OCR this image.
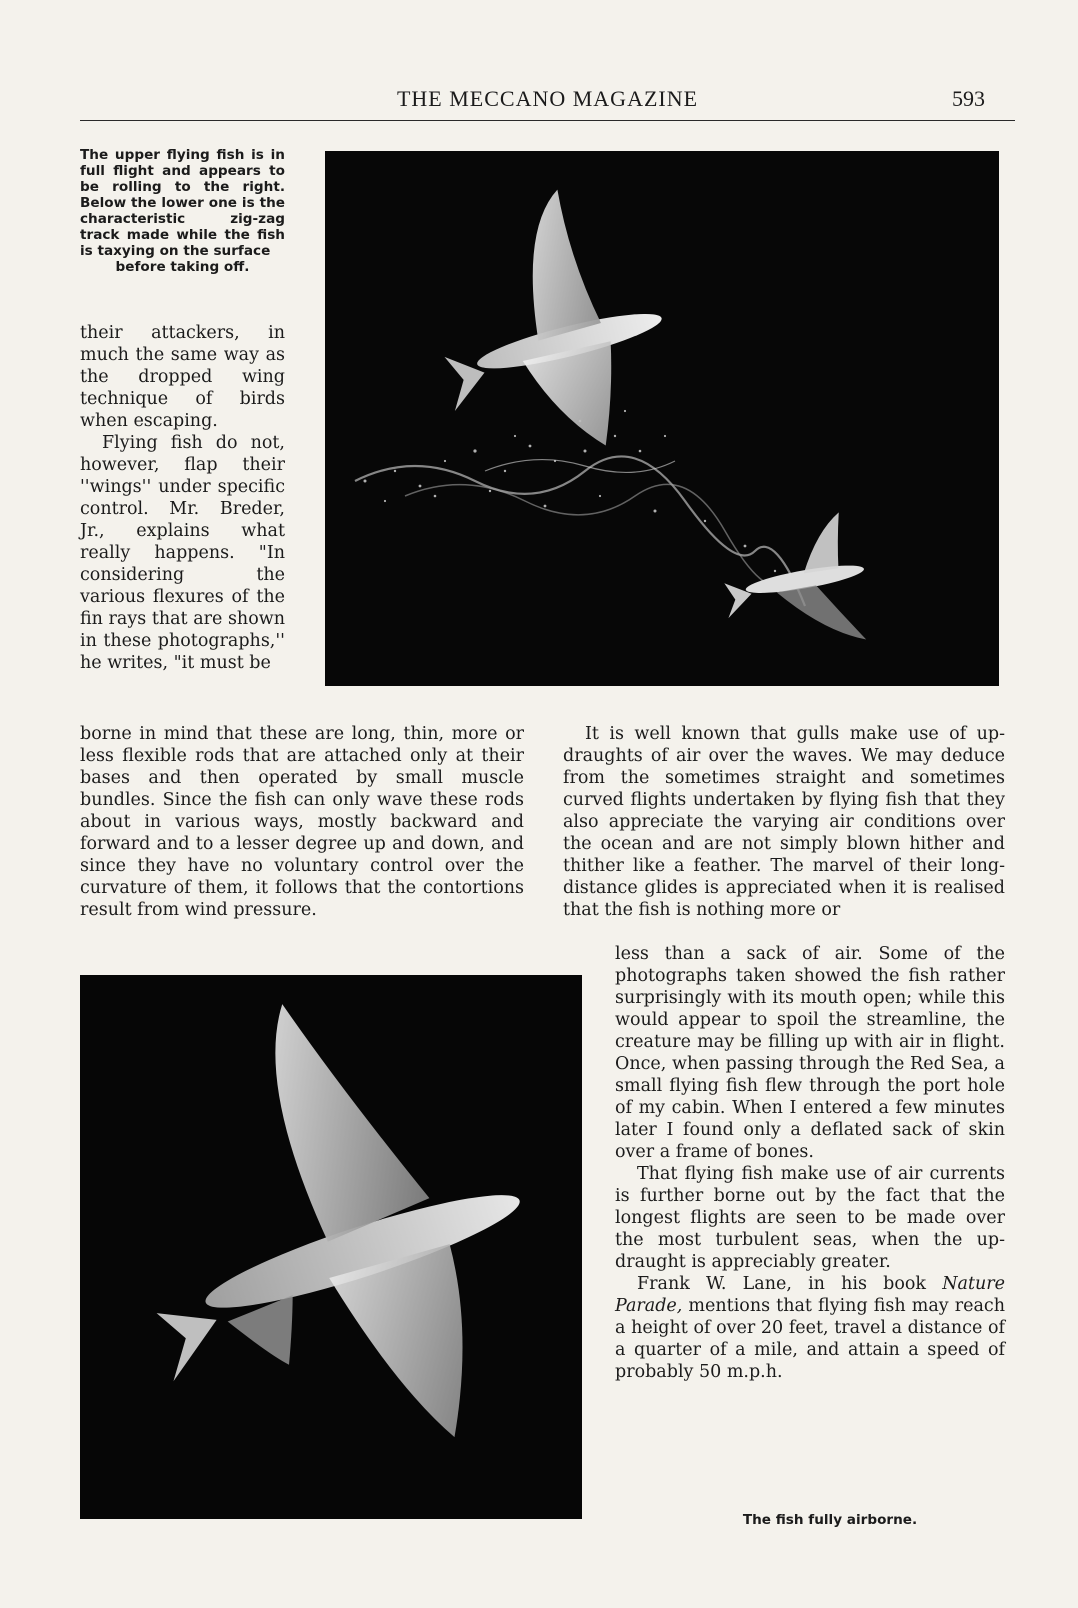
THE MECCANO MAGAZINE	593
The upper flying fish is in full flight and appears to be rolling to the right. Below the lower one is the characteristic zig-zag track made while the fish is taxying on the surface
before taking off.

their attackers, in much the same way as the dropped wing technique of birds when escaping.

Flying fish do not, however, flap their ''wings'' under specific control. Mr. Breder, Jr., explains what really happens. "In considering the various flexures of the fin rays that are shown in these photographs,'' he writes, "it must be

borne in mind that these are long, thin, more or less flexible rods that are attached only at their bases and then operated by small muscle bundles. Since the fish can only wave these rods about in various ways, mostly backward and forward and to a lesser degree up and down, and since they have no voluntary control over the curvature of them, it follows that the contortions result from wind pressure.

It is well known that gulls make use of up-draughts of air over the waves. We may deduce from the sometimes straight and sometimes curved flights undertaken by flying fish that they also appreciate the varying air conditions over the ocean and are not simply blown hither and thither like a feather. The marvel of their long-distance glides is appreciated when it is realised that the fish is nothing more or

less than a sack of air. Some of the photographs taken showed the fish rather surprisingly with its mouth open; while this would appear to spoil the streamline, the creature may be filling up with air in flight. Once, when passing through the Red Sea, a small flying fish flew through the port hole of my cabin. When I entered a few minutes later I found only a deflated sack of skin over a frame of bones.

That flying fish make use of air currents is further borne out by the fact that the longest flights are seen to be made over the most turbulent seas, when the up-draught is appreciably greater.

Frank W. Lane, in his book Nature Parade, mentions that flying fish may reach a height of over 20 feet, travel a distance of a quarter of a mile, and attain a speed of probably 50 m.p.h.

The fish fully airborne.
